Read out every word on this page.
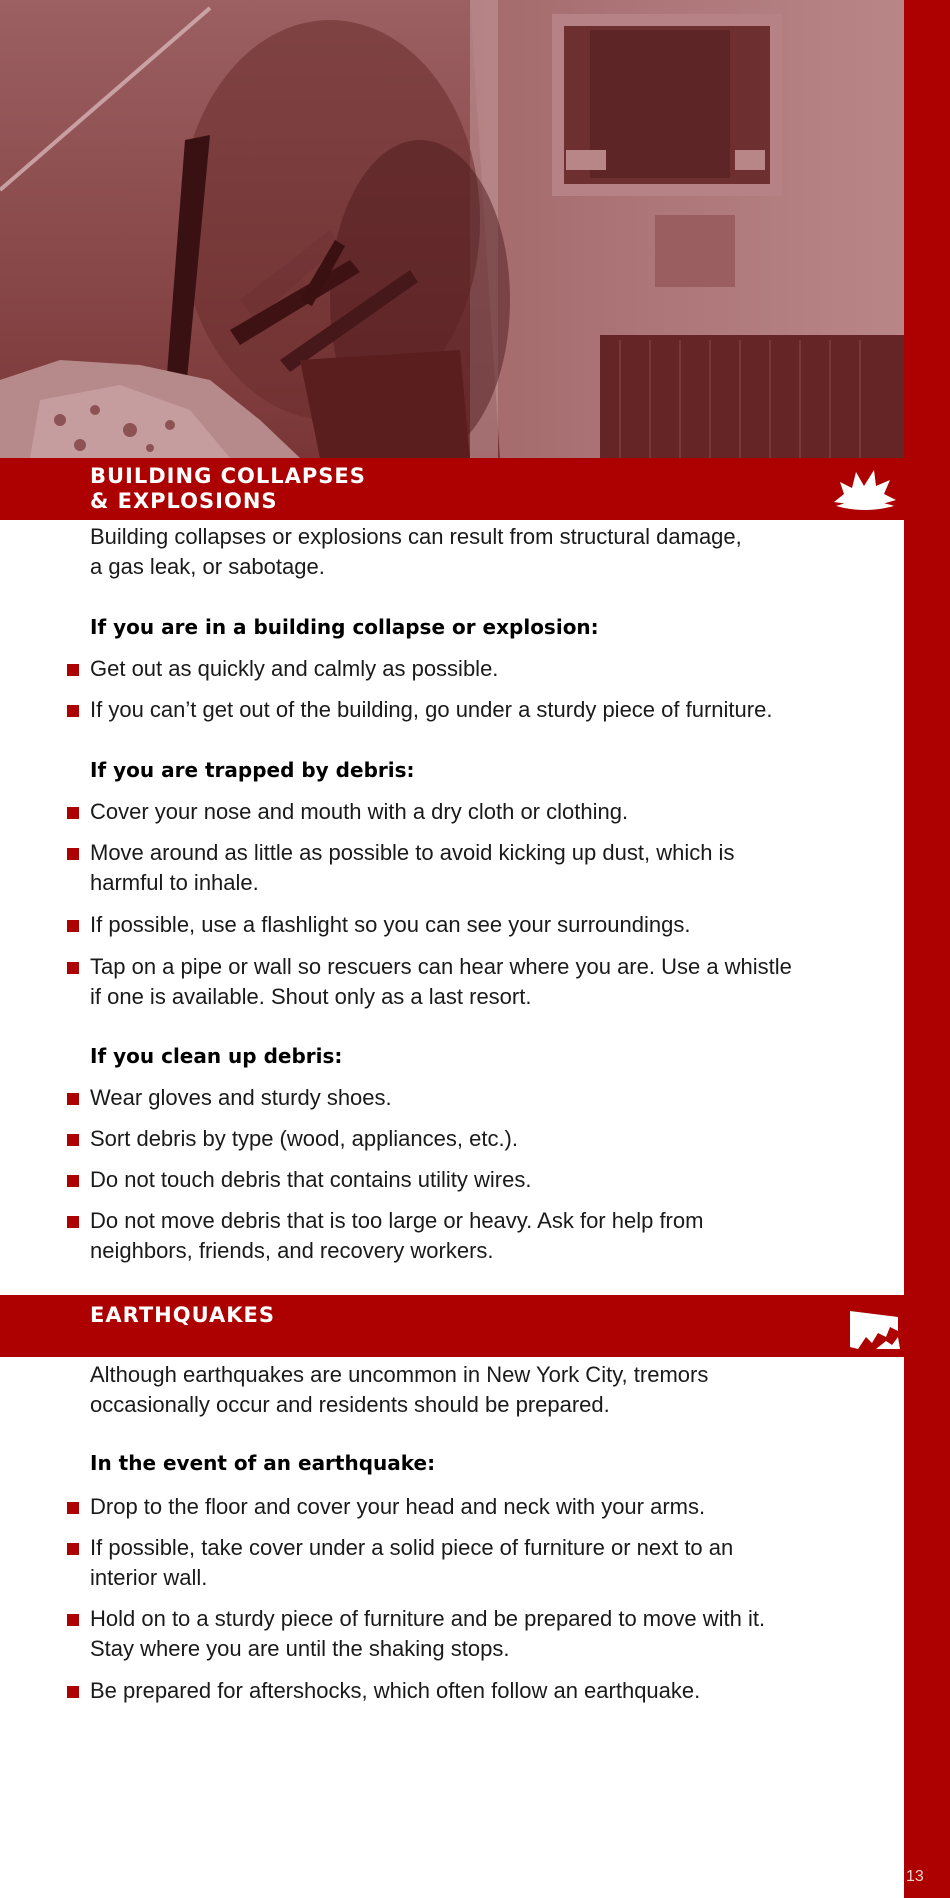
13
BUILDING COLLAPSES
& EXPLOSIONS

Building collapses or explosions can result from structural damage,
a gas leak, or sabotage.

If you are in a building collapse or explosion:
Get out as quickly and calmly as possible.
If you can’t get out of the building, go under a sturdy piece of furniture.
If you are trapped by debris:
Cover your nose and mouth with a dry cloth or clothing.
Move around as little as possible to avoid kicking up dust, which is
harmful to inhale.
If possible, use a flashlight so you can see your surroundings.
Tap on a pipe or wall so rescuers can hear where you are. Use a whistle
if one is available. Shout only as a last resort.
If you clean up debris:
Wear gloves and sturdy shoes.
Sort debris by type (wood, appliances, etc.).
Do not touch debris that contains utility wires.
Do not move debris that is too large or heavy. Ask for help from
neighbors, friends, and recovery workers.
EARTHQUAKES

Although earthquakes are uncommon in New York City, tremors
occasionally occur and residents should be prepared.

In the event of an earthquake:
Drop to the floor and cover your head and neck with your arms.
If possible, take cover under a solid piece of furniture or next to an
interior wall.
Hold on to a sturdy piece of furniture and be prepared to move with it.
Stay where you are until the shaking stops.
Be prepared for aftershocks, which often follow an earthquake.
